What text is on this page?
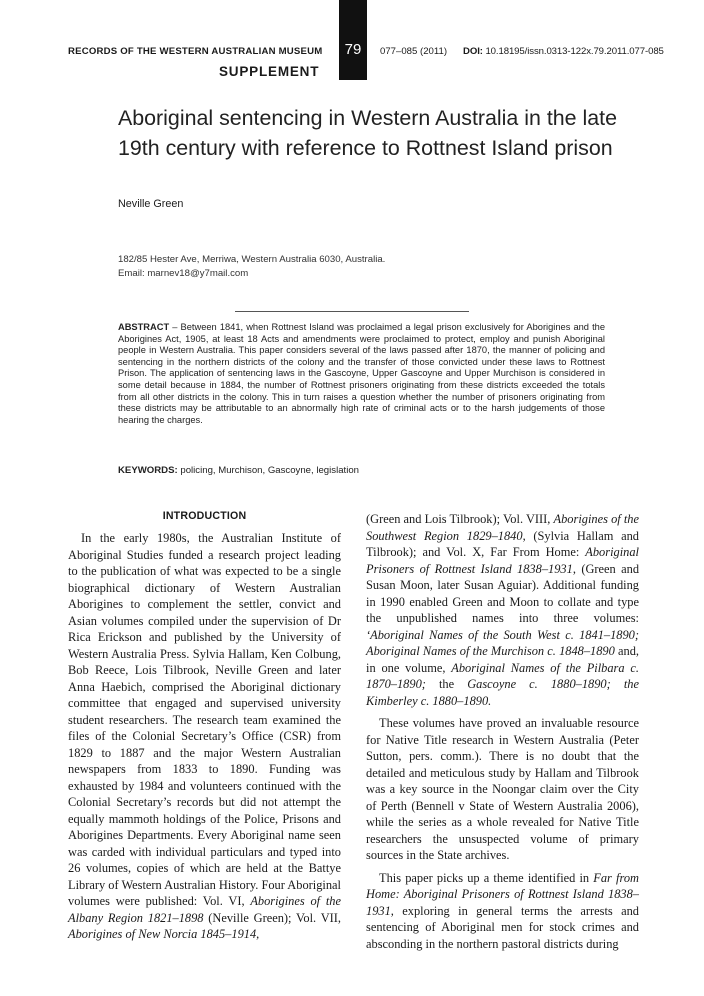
RECORDS OF THE WESTERN AUSTRALIAN MUSEUM
SUPPLEMENT
79	077–085 (2011) DOI: 10.18195/issn.0313-122x.79.2011.077-085
Aboriginal sentencing in Western Australia in the late 19th century with reference to Rottnest Island prison
Neville Green
182/85 Hester Ave, Merriwa, Western Australia 6030, Australia.
Email: marnev18@y7mail.com

ABSTRACT – Between 1841, when Rottnest Island was proclaimed a legal prison exclusively for Aborigines and the Aborigines Act, 1905, at least 18 Acts and amendments were proclaimed to protect, employ and punish Aboriginal people in Western Australia. This paper considers several of the laws passed after 1870, the manner of policing and sentencing in the northern districts of the colony and the transfer of those convicted under these laws to Rottnest Prison. The application of sentencing laws in the Gascoyne, Upper Gascoyne and Upper Murchison is considered in some detail because in 1884, the number of Rottnest prisoners originating from these districts exceeded the totals from all other districts in the colony. This in turn raises a question whether the number of prisoners originating from these districts may be attributable to an abnormally high rate of criminal acts or to the harsh judgements of those hearing the charges.

KEYWORDS: policing, Murchison, Gascoyne, legislation
INTRODUCTION

In the early 1980s, the Australian Institute of Aboriginal Studies funded a research project leading to the publication of what was expected to be a single biographical dictionary of Western Australian Aborigines to complement the settler, convict and Asian volumes compiled under the supervision of Dr Rica Erickson and published by the University of Western Australia Press. Sylvia Hallam, Ken Colbung, Bob Reece, Lois Tilbrook, Neville Green and later Anna Haebich, comprised the Aboriginal dictionary committee that engaged and supervised university student researchers. The research team examined the files of the Colonial Secretary’s Office (CSR) from 1829 to 1887 and the major Western Australian newspapers from 1833 to 1890. Funding was exhausted by 1984 and volunteers continued with the Colonial Secretary’s records but did not attempt the equally mammoth holdings of the Police, Prisons and Aborigines Departments. Every Aboriginal name seen was carded with individual particulars and typed into 26 volumes, copies of which are held at the Battye Library of Western Australian History. Four Aboriginal volumes were published: Vol. VI, Aborigines of the Albany Region 1821–1898 (Neville Green); Vol. VII, Aborigines of New Norcia 1845–1914,

(Green and Lois Tilbrook); Vol. VIII, Aborigines of the Southwest Region 1829–1840, (Sylvia Hallam and Tilbrook); and Vol. X, Far From Home: Aboriginal Prisoners of Rottnest Island 1838–1931, (Green and Susan Moon, later Susan Aguiar). Additional funding in 1990 enabled Green and Moon to collate and type the unpublished names into three volumes: ‘Aboriginal Names of the South West c. 1841–1890; Aboriginal Names of the Murchison c. 1848–1890 and, in one volume, Aboriginal Names of the Pilbara c. 1870–1890; the Gascoyne c. 1880–1890; the Kimberley c. 1880–1890.

These volumes have proved an invaluable resource for Native Title research in Western Australia (Peter Sutton, pers. comm.). There is no doubt that the detailed and meticulous study by Hallam and Tilbrook was a key source in the Noongar claim over the City of Perth (Bennell v State of Western Australia 2006), while the series as a whole revealed for Native Title researchers the unsuspected volume of primary sources in the State archives.

This paper picks up a theme identified in Far from Home: Aboriginal Prisoners of Rottnest Island 1838–1931, exploring in general terms the arrests and sentencing of Aboriginal men for stock crimes and absconding in the northern pastoral districts during
